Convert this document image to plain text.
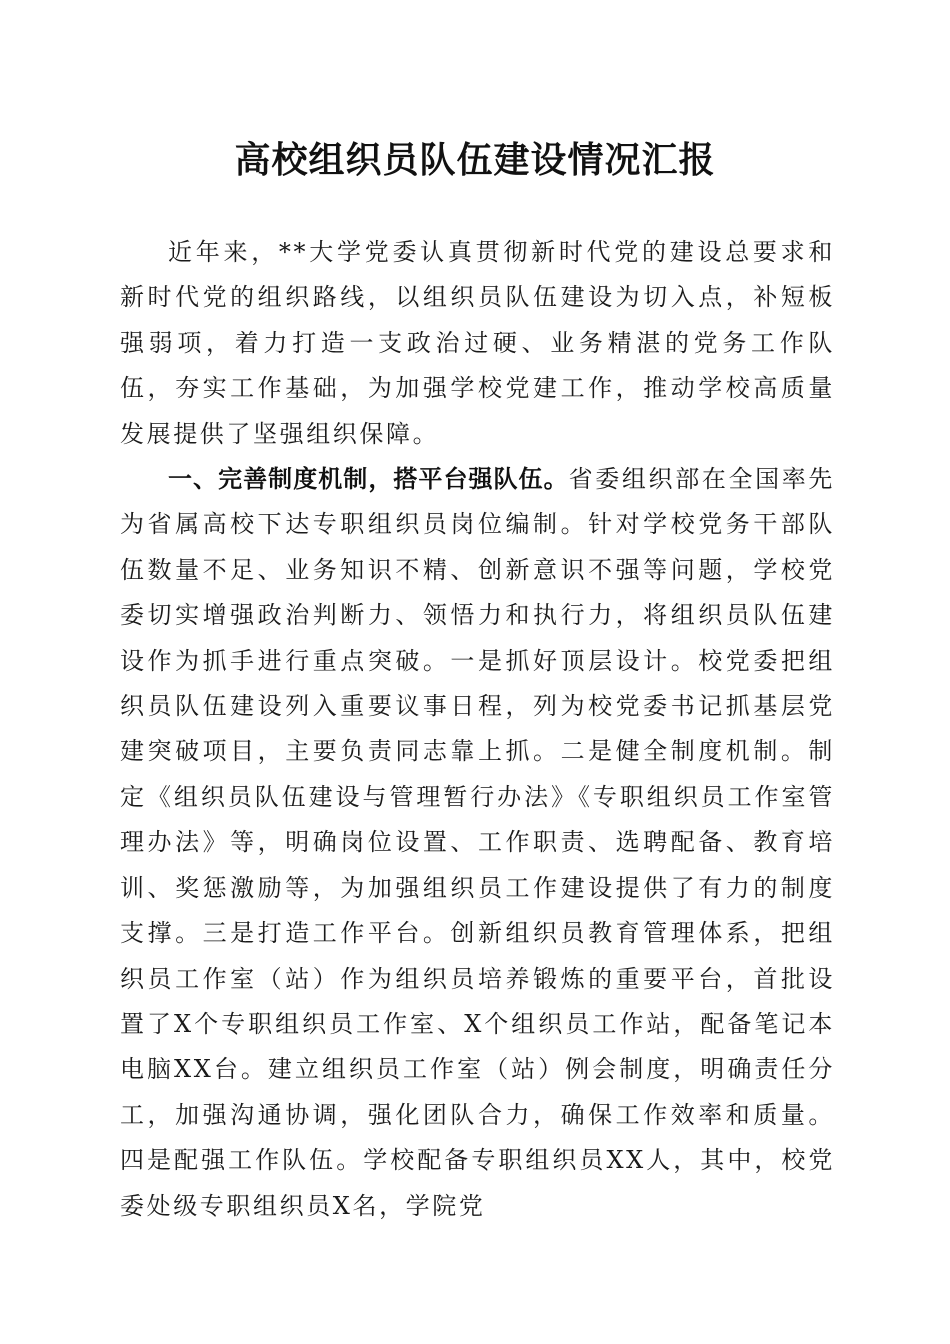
高校组织员队伍建设情况汇报

近年来，**大学党委认真贯彻新时代党的建设总要求和新时代党的组织路线，以组织员队伍建设为切入点，补短板强弱项，着力打造一支政治过硬、业务精湛的党务工作队伍，夯实工作基础，为加强学校党建工作，推动学校高质量发展提供了坚强组织保障。

一、完善制度机制，搭平台强队伍。省委组织部在全国率先为省属高校下达专职组织员岗位编制。针对学校党务干部队伍数量不足、业务知识不精、创新意识不强等问题，学校党委切实增强政治判断力、领悟力和执行力，将组织员队伍建设作为抓手进行重点突破。一是抓好顶层设计。校党委把组织员队伍建设列入重要议事日程，列为校党委书记抓基层党建突破项目，主要负责同志靠上抓。二是健全制度机制。制定《组织员队伍建设与管理暂行办法》《专职组织员工作室管理办法》等，明确岗位设置、工作职责、选聘配备、教育培训、奖惩激励等，为加强组织员工作建设提供了有力的制度支撑。三是打造工作平台。创新组织员教育管理体系，把组织员工作室（站）作为组织员培养锻炼的重要平台，首批设置了X个专职组织员工作室、X个组织员工作站，配备笔记本电脑XX台。建立组织员工作室（站）例会制度，明确责任分工，加强沟通协调，强化团队合力，确保工作效率和质量。四是配强工作队伍。学校配备专职组织员XX人，其中，校党委处级专职组织员X名，学院党
